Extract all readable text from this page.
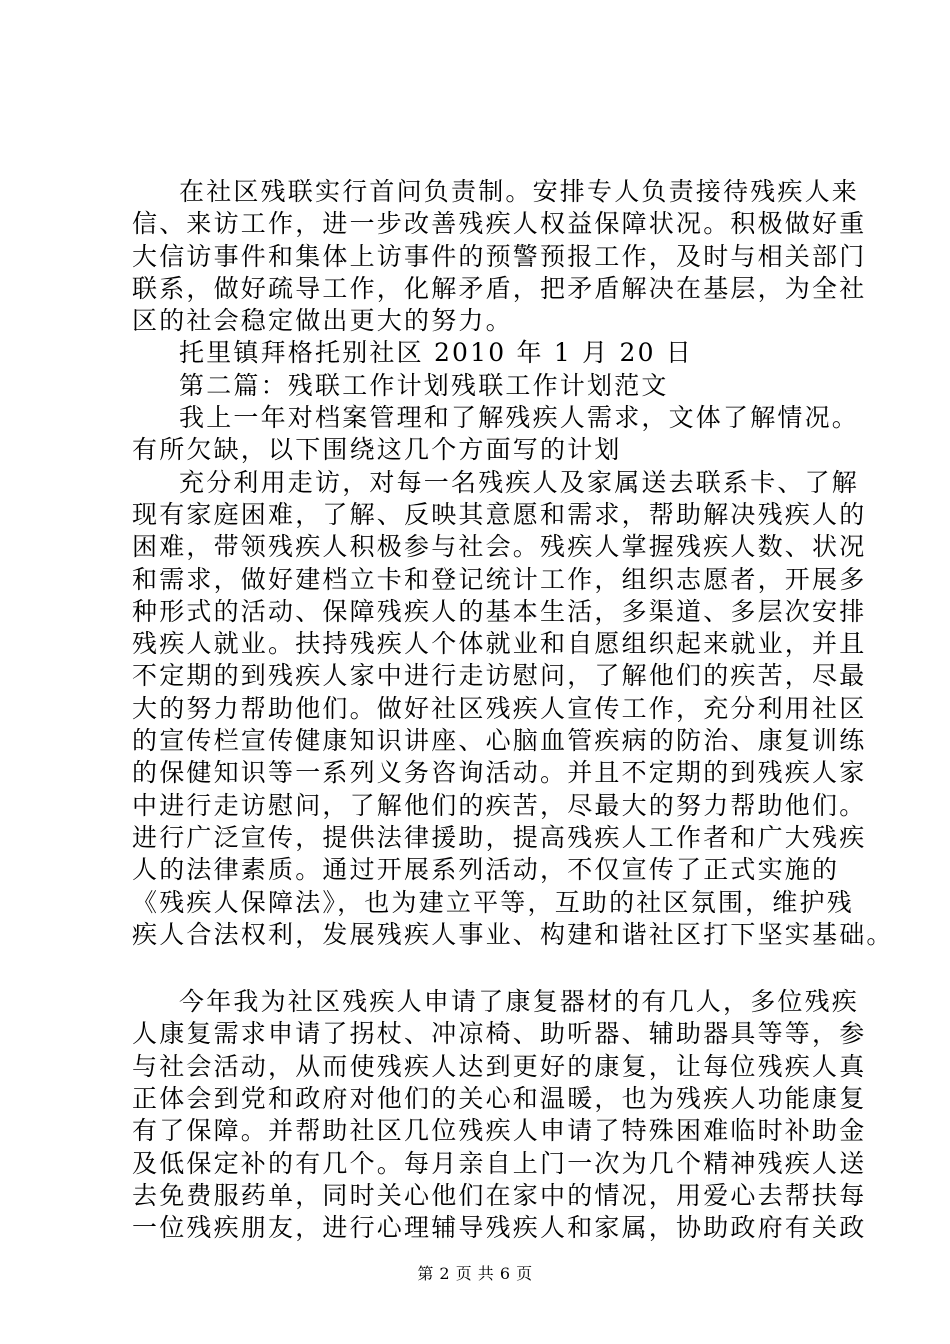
在社区残联实行首问负责制。安排专人负责接待残疾人来
信、来访工作，进一步改善残疾人权益保障状况。积极做好重
大信访事件和集体上访事件的预警预报工作，及时与相关部门
联系，做好疏导工作，化解矛盾，把矛盾解决在基层，为全社
区的社会稳定做出更大的努力。
托里镇拜格托别社区 2010 年 1 月 20 日
第二篇：残联工作计划残联工作计划范文
我上一年对档案管理和了解残疾人需求，文体了解情况。
有所欠缺，以下围绕这几个方面写的计划
充分利用走访，对每一名残疾人及家属送去联系卡、了解
现有家庭困难，了解、反映其意愿和需求，帮助解决残疾人的
困难，带领残疾人积极参与社会。残疾人掌握残疾人数、状况
和需求，做好建档立卡和登记统计工作，组织志愿者，开展多
种形式的活动、保障残疾人的基本生活，多渠道、多层次安排
残疾人就业。扶持残疾人个体就业和自愿组织起来就业，并且
不定期的到残疾人家中进行走访慰问，了解他们的疾苦，尽最
大的努力帮助他们。做好社区残疾人宣传工作，充分利用社区
的宣传栏宣传健康知识讲座、心脑血管疾病的防治、康复训练
的保健知识等一系列义务咨询活动。并且不定期的到残疾人家
中进行走访慰问，了解他们的疾苦，尽最大的努力帮助他们。
进行广泛宣传，提供法律援助，提高残疾人工作者和广大残疾
人的法律素质。通过开展系列活动，不仅宣传了正式实施的
《残疾人保障法》，也为建立平等，互助的社区氛围，维护残
疾人合法权利，发展残疾人事业、构建和谐社区打下坚实基础。
今年我为社区残疾人申请了康复器材的有几人，多位残疾
人康复需求申请了拐杖、冲凉椅、助听器、辅助器具等等，参
与社会活动，从而使残疾人达到更好的康复，让每位残疾人真
正体会到党和政府对他们的关心和温暖，也为残疾人功能康复
有了保障。并帮助社区几位残疾人申请了特殊困难临时补助金
及低保定补的有几个。每月亲自上门一次为几个精神残疾人送
去免费服药单，同时关心他们在家中的情况，用爱心去帮扶每
一位残疾朋友，进行心理辅导残疾人和家属，协助政府有关政
第 2 页 共 6 页
